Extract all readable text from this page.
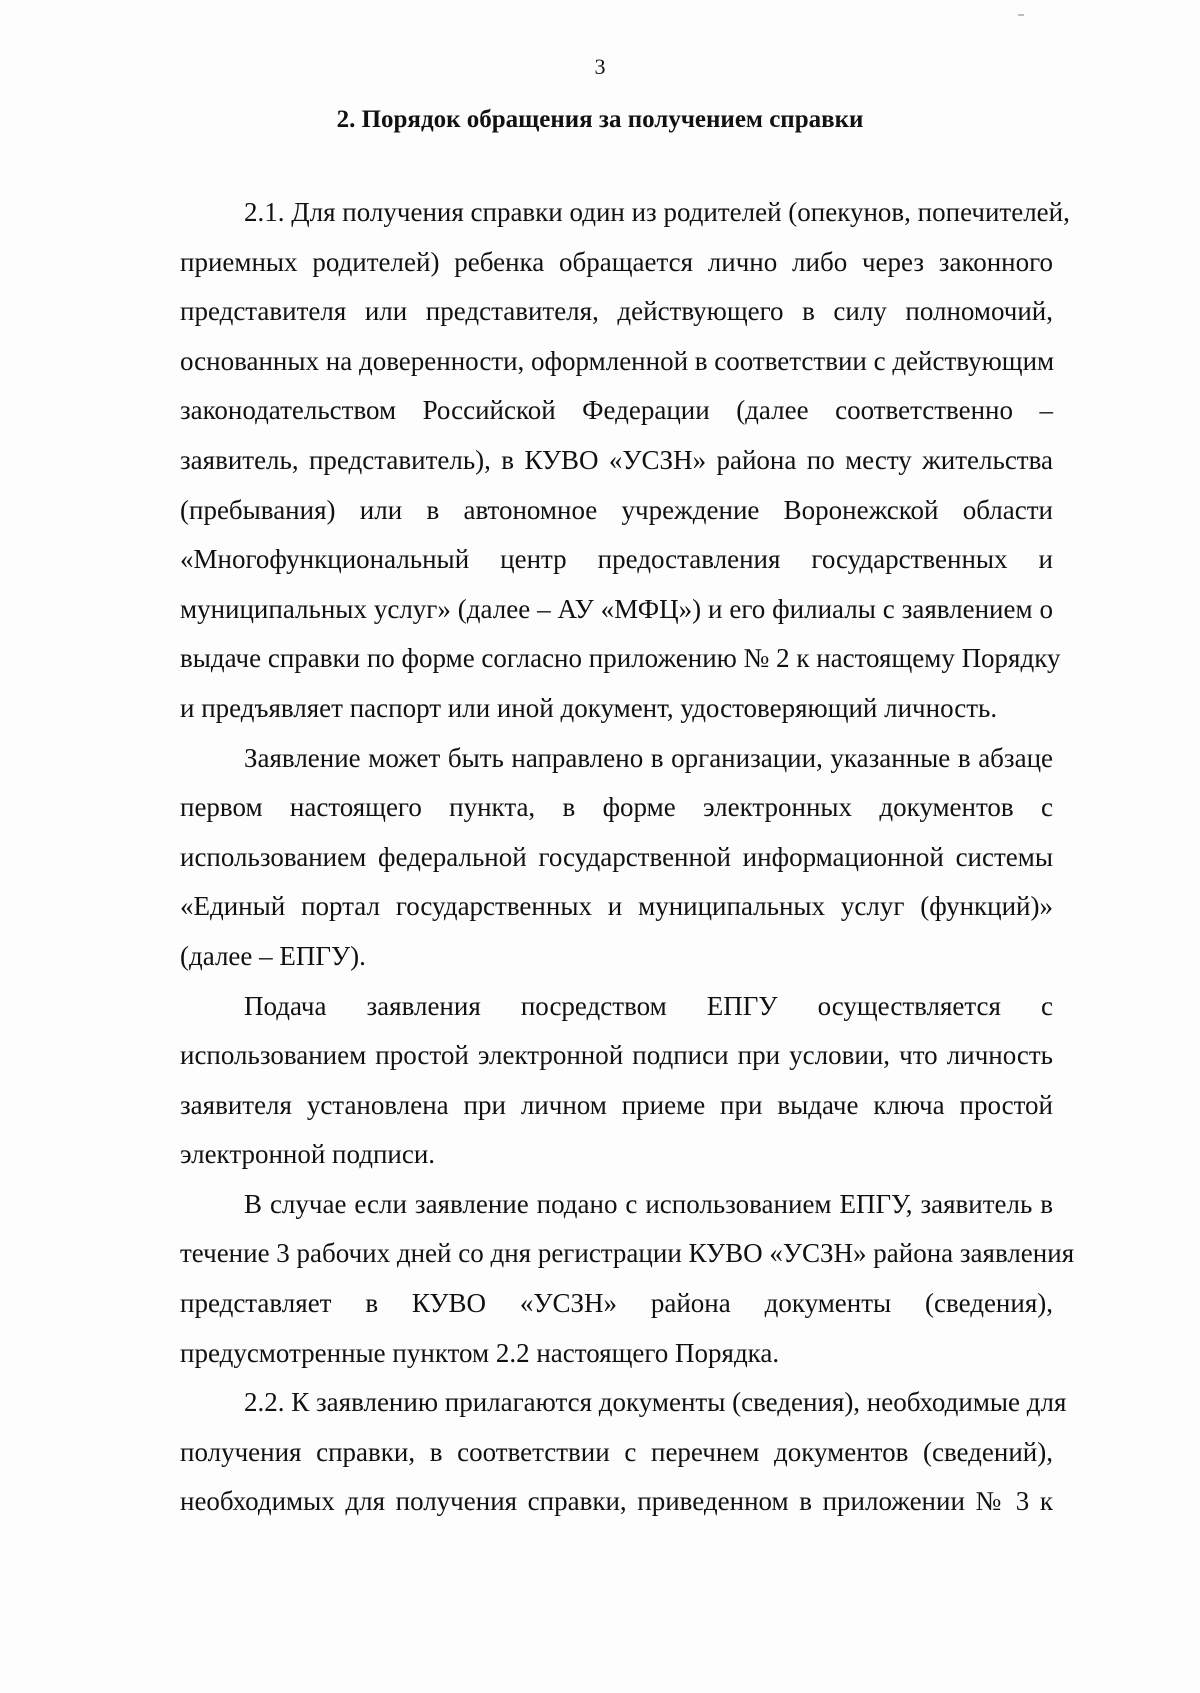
3
2. Порядок обращения за получением справки
2.1. Для получения справки один из родителей (опекунов, попечителей,
приемных родителей) ребенка обращается лично либо через законного
представителя или представителя, действующего в силу полномочий,
основанных на доверенности, оформленной в соответствии с действующим
законодательством Российской Федерации (далее соответственно –
заявитель, представитель), в КУВО «УСЗН» района по месту жительства
(пребывания) или в автономное учреждение Воронежской области
«Многофункциональный центр предоставления государственных и
муниципальных услуг» (далее – АУ «МФЦ») и его филиалы с заявлением о
выдаче справки по форме согласно приложению № 2 к настоящему Порядку
и предъявляет паспорт или иной документ, удостоверяющий личность.
Заявление может быть направлено в организации, указанные в абзаце
первом настоящего пункта, в форме электронных документов с
использованием федеральной государственной информационной системы
«Единый портал государственных и муниципальных услуг (функций)»
(далее – ЕПГУ).
Подача заявления посредством ЕПГУ осуществляется с
использованием простой электронной подписи при условии, что личность
заявителя установлена при личном приеме при выдаче ключа простой
электронной подписи.
В случае если заявление подано с использованием ЕПГУ, заявитель в
течение 3 рабочих дней со дня регистрации КУВО «УСЗН» района заявления
представляет в КУВО «УСЗН» района документы (сведения),
предусмотренные пунктом 2.2 настоящего Порядка.
2.2. К заявлению прилагаются документы (сведения), необходимые для
получения справки, в соответствии с перечнем документов (сведений),
необходимых для получения справки, приведенном в приложении № 3 к
